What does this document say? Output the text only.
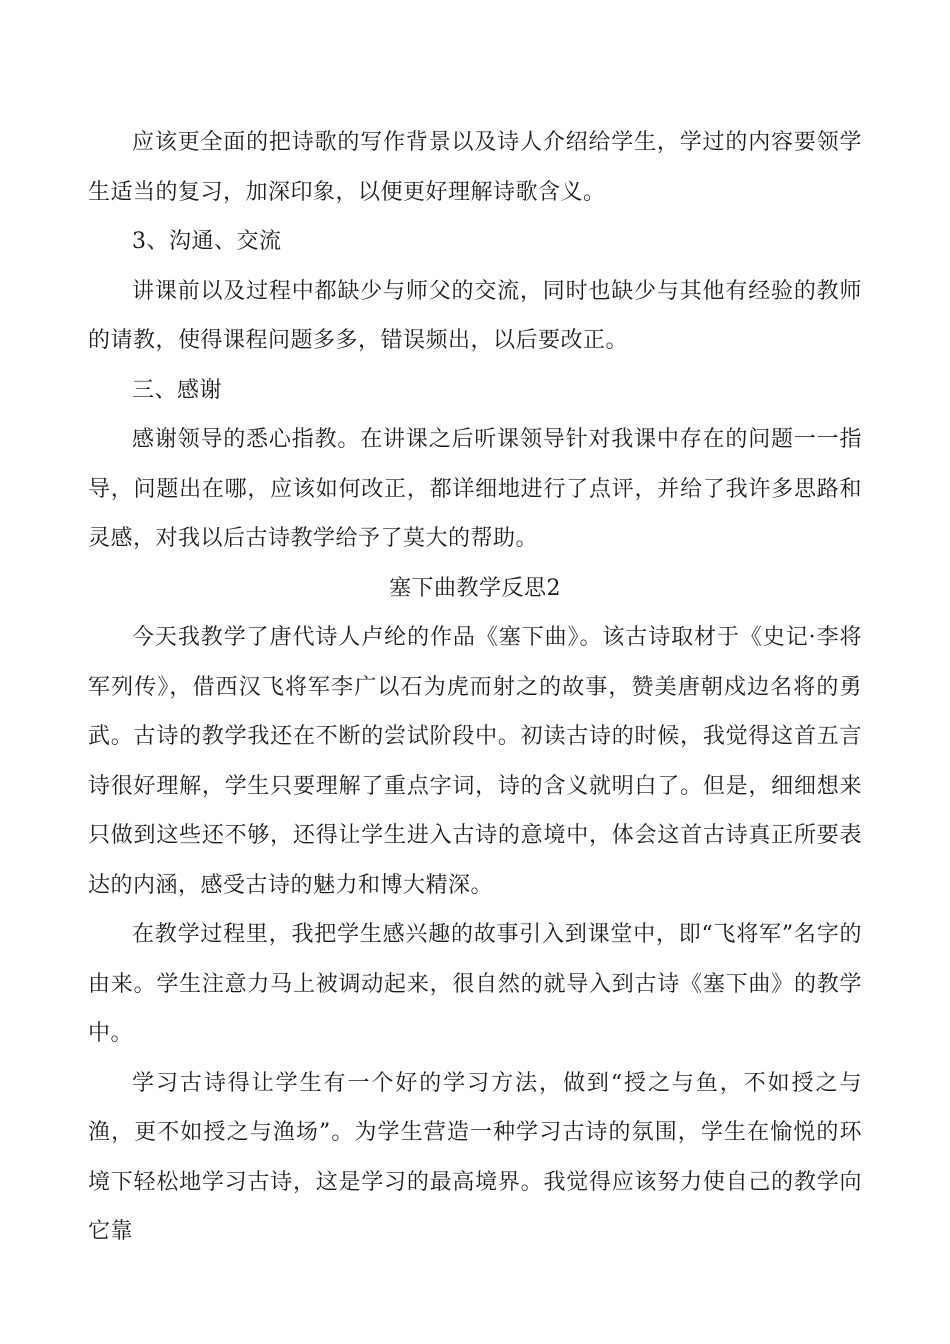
应该更全面的把诗歌的写作背景以及诗人介绍给学生，学过的内容要领学生适当的复习，加深印象，以便更好理解诗歌含义。

3、沟通、交流

讲课前以及过程中都缺少与师父的交流，同时也缺少与其他有经验的教师的请教，使得课程问题多多，错误频出，以后要改正。

三、感谢

感谢领导的悉心指教。在讲课之后听课领导针对我课中存在的问题一一指导，问题出在哪，应该如何改正，都详细地进行了点评，并给了我许多思路和灵感，对我以后古诗教学给予了莫大的帮助。

塞下曲教学反思2

今天我教学了唐代诗人卢纶的作品《塞下曲》。该古诗取材于《史记·李将军列传》，借西汉飞将军李广以石为虎而射之的故事，赞美唐朝戍边名将的勇武。古诗的教学我还在不断的尝试阶段中。初读古诗的时候，我觉得这首五言诗很好理解，学生只要理解了重点字词，诗的含义就明白了。但是，细细想来只做到这些还不够，还得让学生进入古诗的意境中，体会这首古诗真正所要表达的内涵，感受古诗的魅力和博大精深。

在教学过程里，我把学生感兴趣的故事引入到课堂中，即“飞将军”名字的由来。学生注意力马上被调动起来，很自然的就导入到古诗《塞下曲》的教学中。

学习古诗得让学生有一个好的学习方法，做到“授之与鱼，不如授之与渔，更不如授之与渔场”。为学生营造一种学习古诗的氛围，学生在愉悦的环境下轻松地学习古诗，这是学习的最高境界。我觉得应该努力使自己的教学向它靠
